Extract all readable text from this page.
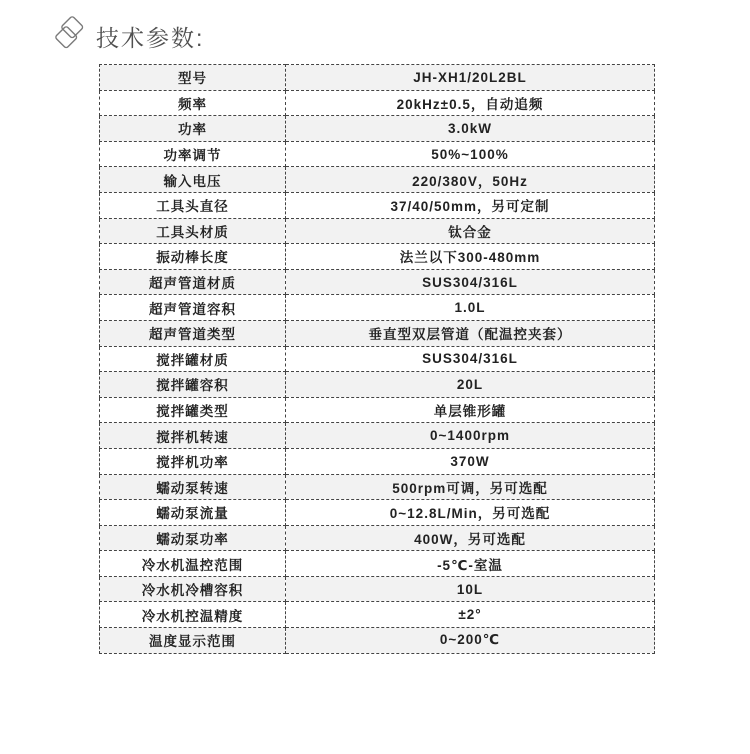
技术参数:
型号	JH-XH1/20L2BL
频率	20kHz±0.5，自动追频
功率	3.0kW
功率调节	50%~100%
输入电压	220/380V，50Hz
工具头直径	37/40/50mm，另可定制
工具头材质	钛合金
振动棒长度	法兰以下300-480mm
超声管道材质	SUS304/316L
超声管道容积	1.0L
超声管道类型	垂直型双层管道（配温控夹套）
搅拌罐材质	SUS304/316L
搅拌罐容积	20L
搅拌罐类型	单层锥形罐
搅拌机转速	0~1400rpm
搅拌机功率	370W
蠕动泵转速	500rpm可调，另可选配
蠕动泵流量	0~12.8L/Min，另可选配
蠕动泵功率	400W，另可选配
冷水机温控范围	-5℃-室温
冷水机冷槽容积	10L
冷水机控温精度	±2°
温度显示范围	0~200℃
